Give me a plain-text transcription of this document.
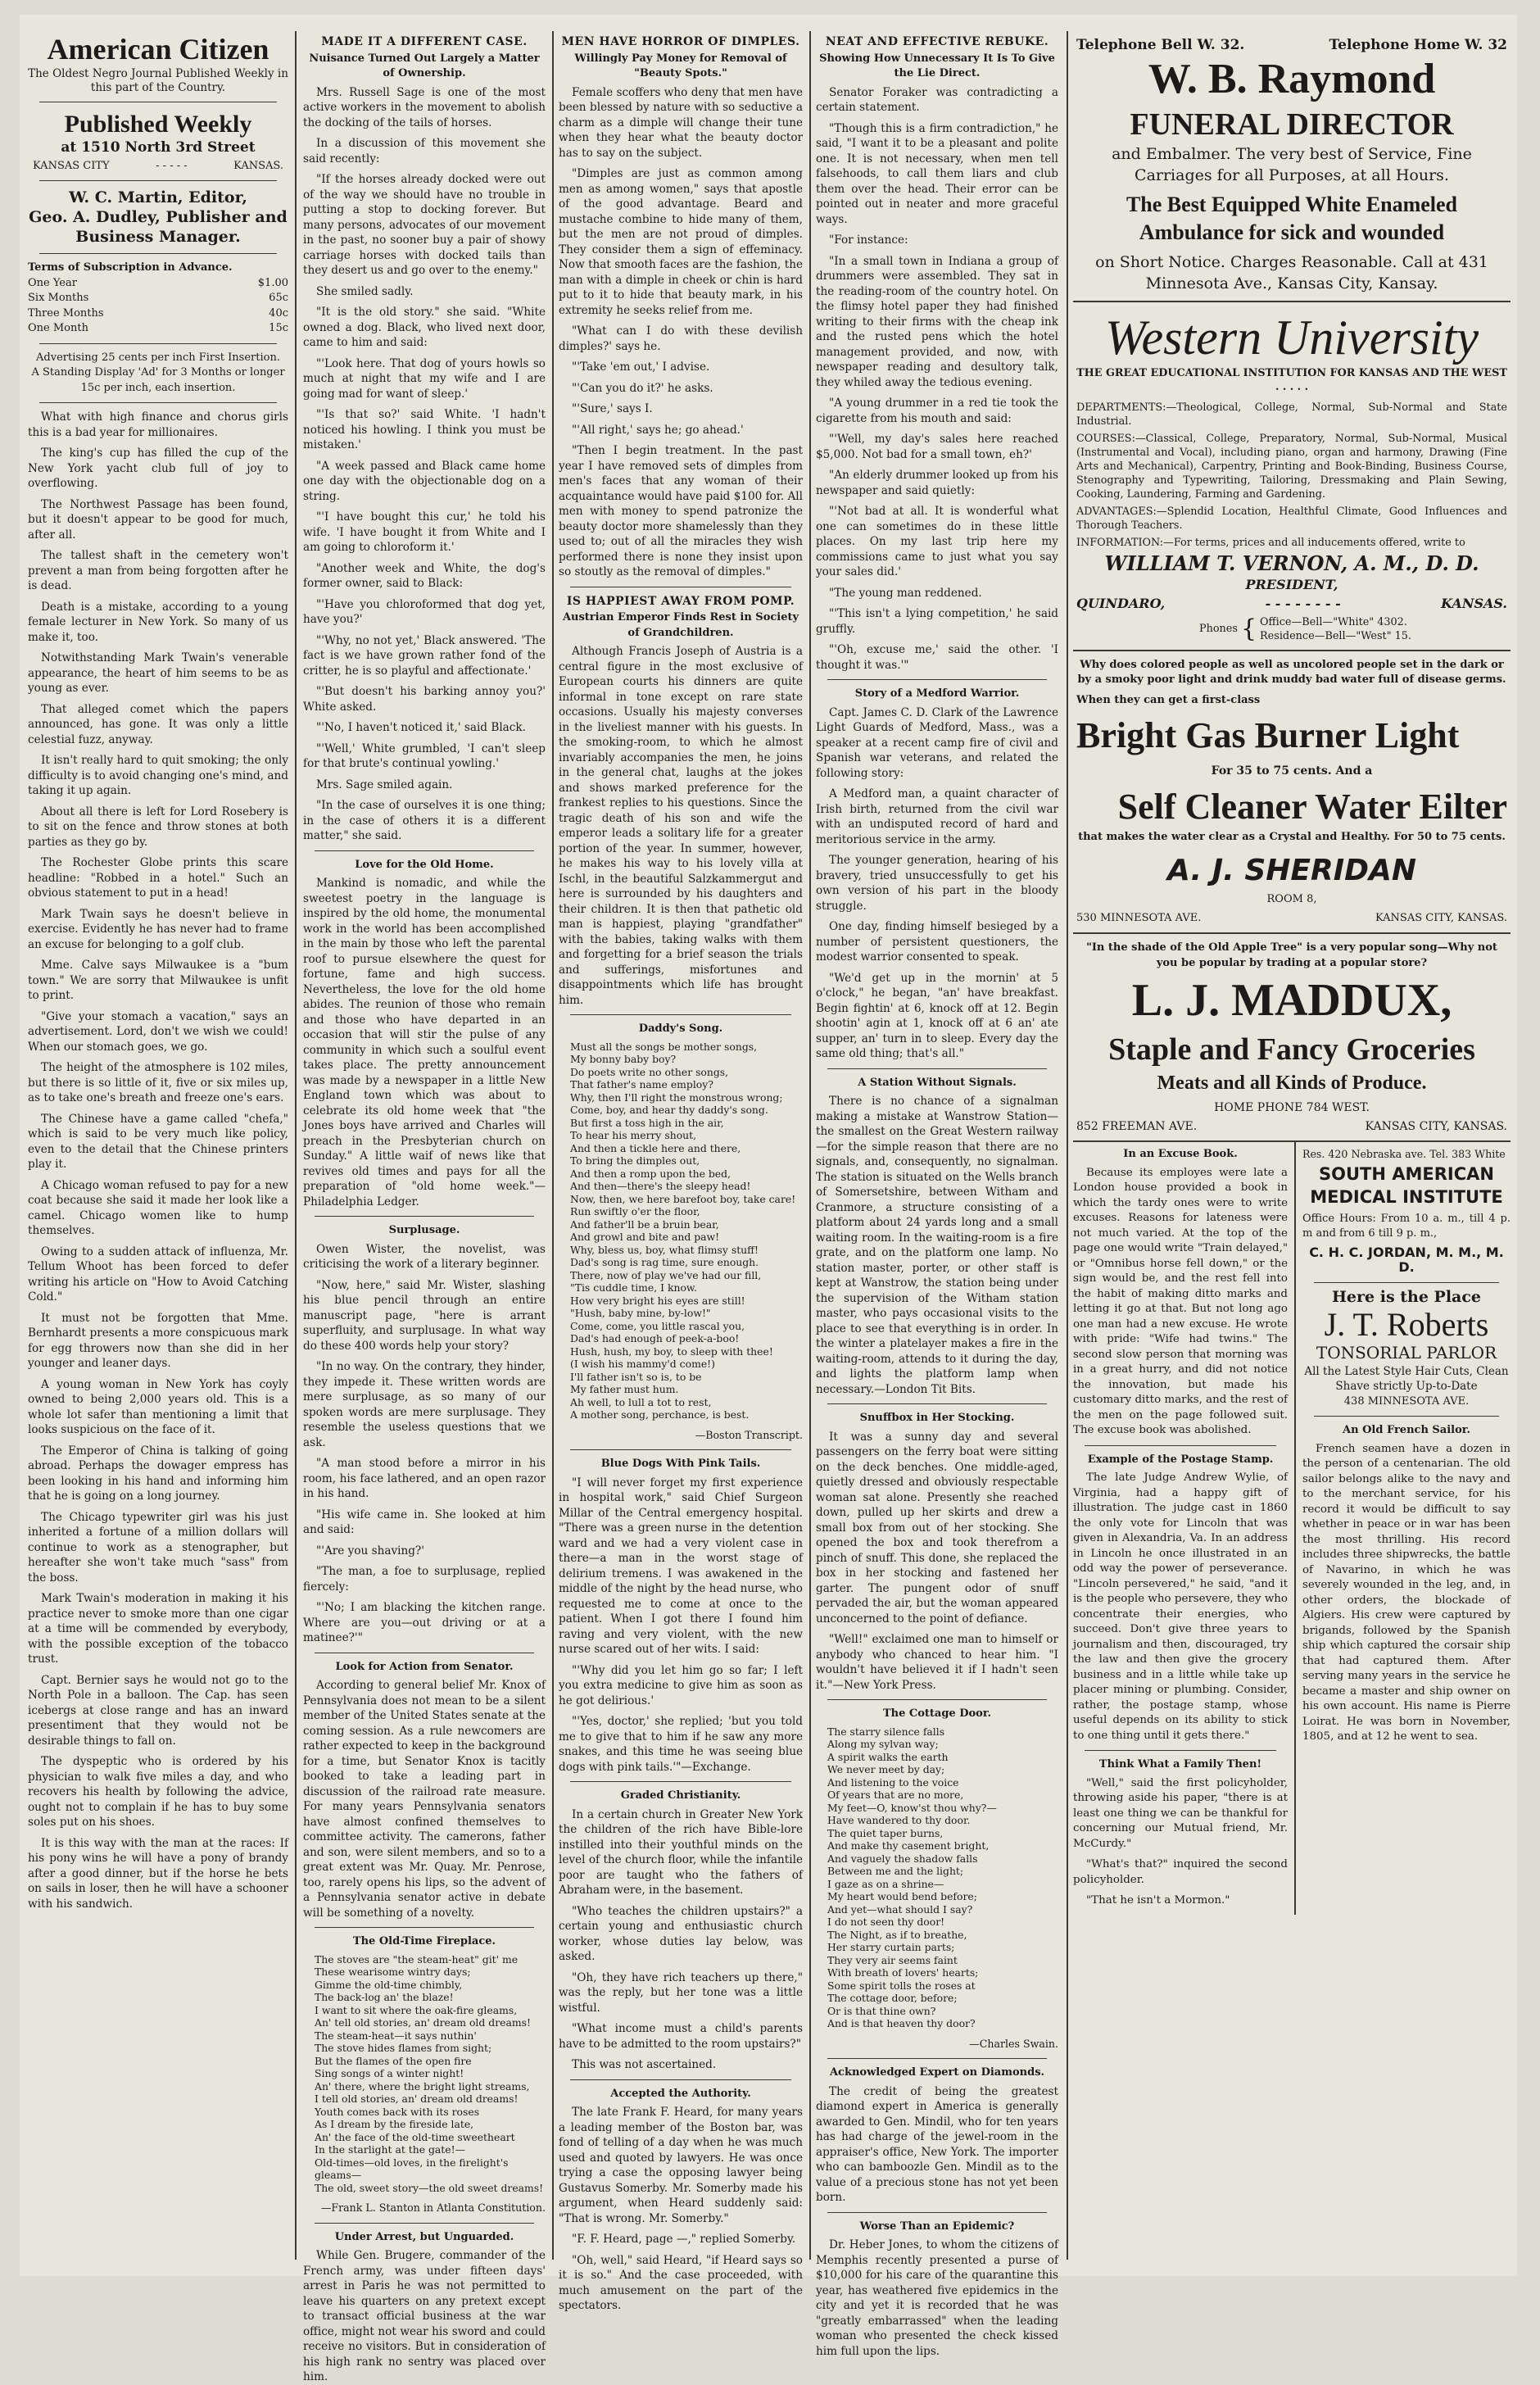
American Citizen
The Oldest Negro Journal Published Weekly in this part of the Country.
Published Weekly
at 1510 North 3rd Street
KANSAS CITY	- - - - -	KANSAS.
W. C. Martin, Editor,
Geo. A. Dudley, Publisher and Business Manager.
Terms of Subscription in Advance.
One Year	$1.00
Six Months	65c
Three Months	40c
One Month	15c
Advertising 25 cents per inch First Insertion.
A Standing Display 'Ad' for 3 Months or longer 15c per inch, each insertion.

What with high finance and chorus girls this is a bad year for millionaires.

The king's cup has filled the cup of the New York yacht club full of joy to overflowing.

The Northwest Passage has been found, but it doesn't appear to be good for much, after all.

The tallest shaft in the cemetery won't prevent a man from being forgotten after he is dead.

Death is a mistake, according to a young female lecturer in New York. So many of us make it, too.

Notwithstanding Mark Twain's venerable appearance, the heart of him seems to be as young as ever.

That alleged comet which the papers announced, has gone. It was only a little celestial fuzz, anyway.

It isn't really hard to quit smoking; the only difficulty is to avoid changing one's mind, and taking it up again.

About all there is left for Lord Rosebery is to sit on the fence and throw stones at both parties as they go by.

The Rochester Globe prints this scare headline: "Robbed in a hotel." Such an obvious statement to put in a head!

Mark Twain says he doesn't believe in exercise. Evidently he has never had to frame an excuse for belonging to a golf club.

Mme. Calve says Milwaukee is a "bum town." We are sorry that Milwaukee is unfit to print.

"Give your stomach a vacation," says an advertisement. Lord, don't we wish we could! When our stomach goes, we go.

The height of the atmosphere is 102 miles, but there is so little of it, five or six miles up, as to take one's breath and freeze one's ears.

The Chinese have a game called "chefa," which is said to be very much like policy, even to the detail that the Chinese printers play it.

A Chicago woman refused to pay for a new coat because she said it made her look like a camel. Chicago women like to hump themselves.

Owing to a sudden attack of influenza, Mr. Tellum Whoot has been forced to defer writing his article on "How to Avoid Catching Cold."

It must not be forgotten that Mme. Bernhardt presents a more conspicuous mark for egg throwers now than she did in her younger and leaner days.

A young woman in New York has coyly owned to being 2,000 years old. This is a whole lot safer than mentioning a limit that looks suspicious on the face of it.

The Emperor of China is talking of going abroad. Perhaps the dowager empress has been looking in his hand and informing him that he is going on a long journey.

The Chicago typewriter girl was his just inherited a fortune of a million dollars will continue to work as a stenographer, but hereafter she won't take much "sass" from the boss.

Mark Twain's moderation in making it his practice never to smoke more than one cigar at a time will be commended by everybody, with the possible exception of the tobacco trust.

Capt. Bernier says he would not go to the North Pole in a balloon. The Cap. has seen icebergs at close range and has an inward presentiment that they would not be desirable things to fall on.

The dyspeptic who is ordered by his physician to walk five miles a day, and who recovers his health by following the advice, ought not to complain if he has to buy some soles put on his shoes.

It is this way with the man at the races: If his pony wins he will have a pony of brandy after a good dinner, but if the horse he bets on sails in loser, then he will have a schooner with his sandwich.

MADE IT A DIFFERENT CASE.
Nuisance Turned Out Largely a Matter of Ownership.

Mrs. Russell Sage is one of the most active workers in the movement to abolish the docking of the tails of horses.

In a discussion of this movement she said recently:

"If the horses already docked were out of the way we should have no trouble in putting a stop to docking forever. But many persons, advocates of our movement in the past, no sooner buy a pair of showy carriage horses with docked tails than they desert us and go over to the enemy."

She smiled sadly.

"It is the old story." she said. "White owned a dog. Black, who lived next door, came to him and said:

"'Look here. That dog of yours howls so much at night that my wife and I are going mad for want of sleep.'

"'Is that so?' said White. 'I hadn't noticed his howling. I think you must be mistaken.'

"A week passed and Black came home one day with the objectionable dog on a string.

"'I have bought this cur,' he told his wife. 'I have bought it from White and I am going to chloroform it.'

"Another week and White, the dog's former owner, said to Black:

"'Have you chloroformed that dog yet, have you?'

"'Why, no not yet,' Black answered. 'The fact is we have grown rather fond of the critter, he is so playful and affectionate.'

"'But doesn't his barking annoy you?' White asked.

"'No, I haven't noticed it,' said Black.

"'Well,' White grumbled, 'I can't sleep for that brute's continual yowling.'

Mrs. Sage smiled again.

"In the case of ourselves it is one thing; in the case of others it is a different matter," she said.

Love for the Old Home.

Mankind is nomadic, and while the sweetest poetry in the language is inspired by the old home, the monumental work in the world has been accomplished in the main by those who left the parental roof to pursue elsewhere the quest for fortune, fame and high success. Nevertheless, the love for the old home abides. The reunion of those who remain and those who have departed in an occasion that will stir the pulse of any community in which such a soulful event takes place. The pretty announcement was made by a newspaper in a little New England town which was about to celebrate its old home week that "the Jones boys have arrived and Charles will preach in the Presbyterian church on Sunday." A little waif of news like that revives old times and pays for all the preparation of "old home week."—Philadelphia Ledger.

Surplusage.

Owen Wister, the novelist, was criticising the work of a literary beginner.

"Now, here," said Mr. Wister, slashing his blue pencil through an entire manuscript page, "here is arrant superfluity, and surplusage. In what way do these 400 words help your story?

"In no way. On the contrary, they hinder, they impede it. These written words are mere surplusage, as so many of our spoken words are mere surplusage. They resemble the useless questions that we ask.

"A man stood before a mirror in his room, his face lathered, and an open razor in his hand.

"His wife came in. She looked at him and said:

"'Are you shaving?'

"The man, a foe to surplusage, replied fiercely:

"'No; I am blacking the kitchen range. Where are you—out driving or at a matinee?'"

Look for Action from Senator.

According to general belief Mr. Knox of Pennsylvania does not mean to be a silent member of the United States senate at the coming session. As a rule newcomers are rather expected to keep in the background for a time, but Senator Knox is tacitly booked to take a leading part in discussion of the railroad rate measure. For many years Pennsylvania senators have almost confined themselves to committee activity. The camerons, father and son, were silent members, and so to a great extent was Mr. Quay. Mr. Penrose, too, rarely opens his lips, so the advent of a Pennsylvania senator active in debate will be something of a novelty.

The Old-Time Fireplace.
The stoves are "the steam-heat" git' me
These wearisome wintry days;
Gimme the old-time chimbly,
The back-log an' the blaze!
I want to sit where the oak-fire gleams,
An' tell old stories, an' dream old dreams!
The steam-heat—it says nuthin'
The stove hides flames from sight;
But the flames of the open fire
Sing songs of a winter night!
An' there, where the bright light streams,
I tell old stories, an' dream old dreams!
Youth comes back with its roses
As I dream by the fireside late,
An' the face of the old-time sweetheart
In the starlight at the gate!—
Old-times—old loves, in the firelight's gleams—
The old, sweet story—the old sweet dreams!
—Frank L. Stanton in Atlanta Constitution.
Under Arrest, but Unguarded.

While Gen. Brugere, commander of the French army, was under fifteen days' arrest in Paris he was not permitted to leave his quarters on any pretext except to transact official business at the war office, might not wear his sword and could receive no visitors. But in consideration of his high rank no sentry was placed over him.

MEN HAVE HORROR OF DIMPLES.
Willingly Pay Money for Removal of "Beauty Spots."

Female scoffers who deny that men have been blessed by nature with so seductive a charm as a dimple will change their tune when they hear what the beauty doctor has to say on the subject.

"Dimples are just as common among men as among women," says that apostle of the good advantage. Beard and mustache combine to hide many of them, but the men are not proud of dimples. They consider them a sign of effeminacy. Now that smooth faces are the fashion, the man with a dimple in cheek or chin is hard put to it to hide that beauty mark, in his extremity he seeks relief from me.

"What can I do with these devilish dimples?' says he.

"'Take 'em out,' I advise.

"'Can you do it?' he asks.

"'Sure,' says I.

"'All right,' says he; go ahead.'

"Then I begin treatment. In the past year I have removed sets of dimples from men's faces that any woman of their acquaintance would have paid $100 for. All men with money to spend patronize the beauty doctor more shamelessly than they used to; out of all the miracles they wish performed there is none they insist upon so stoutly as the removal of dimples."

IS HAPPIEST AWAY FROM POMP.
Austrian Emperor Finds Rest in Society of Grandchildren.

Although Francis Joseph of Austria is a central figure in the most exclusive of European courts his dinners are quite informal in tone except on rare state occasions. Usually his majesty converses in the liveliest manner with his guests. In the smoking-room, to which he almost invariably accompanies the men, he joins in the general chat, laughs at the jokes and shows marked preference for the frankest replies to his questions. Since the tragic death of his son and wife the emperor leads a solitary life for a greater portion of the year. In summer, however, he makes his way to his lovely villa at Ischl, in the beautiful Salzkammergut and here is surrounded by his daughters and their children. It is then that pathetic old man is happiest, playing "grandfather" with the babies, taking walks with them and forgetting for a brief season the trials and sufferings, misfortunes and disappointments which life has brought him.

Daddy's Song.
Must all the songs be mother songs,
My bonny baby boy?
Do poets write no other songs,
That father's name employ?
Why, then I'll right the monstrous wrong;
Come, boy, and hear thy daddy's song.
But first a toss high in the air,
To hear his merry shout,
And then a tickle here and there,
To bring the dimples out,
And then a romp upon the bed,
And then—there's the sleepy head!
Now, then, we here barefoot boy, take care!
Run swiftly o'er the floor,
And father'll be a bruin bear,
And growl and bite and paw!
Why, bless us, boy, what flimsy stuff!
Dad's song is rag time, sure enough.
There, now of play we've had our fill,
"Tis cuddle time, I know.
How very bright his eyes are still!
"Hush, baby mine, by-low!"
Come, come, you little rascal you,
Dad's had enough of peek-a-boo!
Hush, hush, my boy, to sleep with thee!
(I wish his mammy'd come!)
I'll father isn't so is, to be
My father must hum.
Ah well, to lull a tot to rest,
A mother song, perchance, is best.
—Boston Transcript.
Blue Dogs With Pink Tails.

"I will never forget my first experience in hospital work," said Chief Surgeon Millar of the Central emergency hospital. "There was a green nurse in the detention ward and we had a very violent case in there—a man in the worst stage of delirium tremens. I was awakened in the middle of the night by the head nurse, who requested me to come at once to the patient. When I got there I found him raving and very violent, with the new nurse scared out of her wits. I said:

"'Why did you let him go so far; I left you extra medicine to give him as soon as he got delirious.'

"'Yes, doctor,' she replied; 'but you told me to give that to him if he saw any more snakes, and this time he was seeing blue dogs with pink tails.'"—Exchange.

Graded Christianity.

In a certain church in Greater New York the children of the rich have Bible-lore instilled into their youthful minds on the level of the church floor, while the infantile poor are taught who the fathers of Abraham were, in the basement.

"Who teaches the children upstairs?" a certain young and enthusiastic church worker, whose duties lay below, was asked.

"Oh, they have rich teachers up there," was the reply, but her tone was a little wistful.

"What income must a child's parents have to be admitted to the room upstairs?"

This was not ascertained.

Accepted the Authority.

The late Frank F. Heard, for many years a leading member of the Boston bar, was fond of telling of a day when he was much used and quoted by lawyers. He was once trying a case the opposing lawyer being Gustavus Somerby. Mr. Somerby made his argument, when Heard suddenly said: "That is wrong. Mr. Somerby."

"F. F. Heard, page —," replied Somerby.

"Oh, well," said Heard, "if Heard says so it is so." And the case proceeded, with much amusement on the part of the spectators.

NEAT AND EFFECTIVE REBUKE.
Showing How Unnecessary It Is To Give the Lie Direct.

Senator Foraker was contradicting a certain statement.

"Though this is a firm contradiction," he said, "I want it to be a pleasant and polite one. It is not necessary, when men tell falsehoods, to call them liars and club them over the head. Their error can be pointed out in neater and more graceful ways.

"For instance:

"In a small town in Indiana a group of drummers were assembled. They sat in the reading-room of the country hotel. On the flimsy hotel paper they had finished writing to their firms with the cheap ink and the rusted pens which the hotel management provided, and now, with newspaper reading and desultory talk, they whiled away the tedious evening.

"A young drummer in a red tie took the cigarette from his mouth and said:

"'Well, my day's sales here reached $5,000. Not bad for a small town, eh?'

"An elderly drummer looked up from his newspaper and said quietly:

"'Not bad at all. It is wonderful what one can sometimes do in these little places. On my last trip here my commissions came to just what you say your sales did.'

"The young man reddened.

"'This isn't a lying competition,' he said gruffly.

"'Oh, excuse me,' said the other. 'I thought it was.'"

Story of a Medford Warrior.

Capt. James C. D. Clark of the Lawrence Light Guards of Medford, Mass., was a speaker at a recent camp fire of civil and Spanish war veterans, and related the following story:

A Medford man, a quaint character of Irish birth, returned from the civil war with an undisputed record of hard and meritorious service in the army.

The younger generation, hearing of his bravery, tried unsuccessfully to get his own version of his part in the bloody struggle.

One day, finding himself besieged by a number of persistent questioners, the modest warrior consented to speak.

"We'd get up in the mornin' at 5 o'clock," he began, "an' have breakfast. Begin fightin' at 6, knock off at 12. Begin shootin' agin at 1, knock off at 6 an' ate supper, an' turn in to sleep. Every day the same old thing; that's all."

A Station Without Signals.

There is no chance of a signalman making a mistake at Wanstrow Station—the smallest on the Great Western railway—for the simple reason that there are no signals, and, consequently, no signalman. The station is situated on the Wells branch of Somersetshire, between Witham and Cranmore, a structure consisting of a platform about 24 yards long and a small waiting room. In the waiting-room is a fire grate, and on the platform one lamp. No station master, porter, or other staff is kept at Wanstrow, the station being under the supervision of the Witham station master, who pays occasional visits to the place to see that everything is in order. In the winter a platelayer makes a fire in the waiting-room, attends to it during the day, and lights the platform lamp when necessary.—London Tit Bits.

Snuffbox in Her Stocking.

It was a sunny day and several passengers on the ferry boat were sitting on the deck benches. One middle-aged, quietly dressed and obviously respectable woman sat alone. Presently she reached down, pulled up her skirts and drew a small box from out of her stocking. She opened the box and took therefrom a pinch of snuff. This done, she replaced the box in her stocking and fastened her garter. The pungent odor of snuff pervaded the air, but the woman appeared unconcerned to the point of defiance.

"Well!" exclaimed one man to himself or anybody who chanced to hear him. "I wouldn't have believed it if I hadn't seen it."—New York Press.

The Cottage Door.
The starry silence falls
Along my sylvan way;
A spirit walks the earth
We never meet by day;
And listening to the voice
Of years that are no more,
My feet—O, know'st thou why?—
Have wandered to thy door.
The quiet taper burns,
And make thy casement bright,
And vaguely the shadow falls
Between me and the light;
I gaze as on a shrine—
My heart would bend before;
And yet—what should I say?
I do not seen thy door!
The Night, as if to breathe,
Her starry curtain parts;
They very air seems faint
With breath of lovers' hearts;
Some spirit tolls the roses at
The cottage door, before;
Or is that thine own?
And is that heaven thy door?
—Charles Swain.
Acknowledged Expert on Diamonds.

The credit of being the greatest diamond expert in America is generally awarded to Gen. Mindil, who for ten years has had charge of the jewel-room in the appraiser's office, New York. The importer who can bamboozle Gen. Mindil as to the value of a precious stone has not yet been born.

Worse Than an Epidemic?

Dr. Heber Jones, to whom the citizens of Memphis recently presented a purse of $10,000 for his care of the quarantine this year, has weathered five epidemics in the city and yet it is recorded that he was "greatly embarrassed" when the leading woman who presented the check kissed him full upon the lips.

Telephone Bell W. 32.	Telephone Home W. 32
W. B. Raymond
FUNERAL DIRECTOR
and Embalmer. The very best of Service, Fine Carriages for all Purposes, at all Hours.
The Best Equipped White Enameled Ambulance for sick and wounded
on Short Notice. Charges Reasonable. Call at 431 Minnesota Ave., Kansas City, Kansay.
Western University
THE GREAT EDUCATIONAL INSTITUTION FOR KANSAS AND THE WEST . . . . .
DEPARTMENTS:—Theological, College, Normal, Sub-Normal and State Industrial.
COURSES:—Classical, College, Preparatory, Normal, Sub-Normal, Musical (Instrumental and Vocal), including piano, organ and harmony, Drawing (Fine Arts and Mechanical), Carpentry, Printing and Book-Binding, Business Course, Stenography and Typewriting, Tailoring, Dressmaking and Plain Sewing, Cooking, Laundering, Farming and Gardening.
ADVANTAGES:—Splendid Location, Healthful Climate, Good Influences and Thorough Teachers.
INFORMATION:—For terms, prices and all inducements offered, write to
WILLIAM T. VERNON, A. M., D. D.
PRESIDENT,
QUINDARO,	- - - - - - - -	KANSAS.
Phones { Office—Bell—"White" 4302.
Residence—Bell—"West" 15.
Why does colored people as well as uncolored people set in the dark or by a smoky poor light and drink muddy bad water full of disease germs.
When they can get a first-class
Bright Gas Burner Light
For 35 to 75 cents. And a
Self Cleaner Water Eilter
that makes the water clear as a Crystal and Healthy. For 50 to 75 cents.
A. J. SHERIDAN
ROOM 8,
530 MINNESOTA AVE.	KANSAS CITY, KANSAS.
"In the shade of the Old Apple Tree" is a very popular song—Why not you be popular by trading at a popular store?
L. J. MADDUX,
Staple and Fancy Groceries
Meats and all Kinds of Produce.
HOME PHONE 784 WEST.
852 FREEMAN AVE.	KANSAS CITY, KANSAS.
In an Excuse Book.

Because its employes were late a London house provided a book in which the tardy ones were to write excuses. Reasons for lateness were not much varied. At the top of the page one would write "Train delayed," or "Omnibus horse fell down," or the sign would be, and the rest fell into the habit of making ditto marks and letting it go at that. But not long ago one man had a new excuse. He wrote with pride: "Wife had twins." The second slow person that morning was in a great hurry, and did not notice the innovation, but made his customary ditto marks, and the rest of the men on the page followed suit. The excuse book was abolished.

Example of the Postage Stamp.

The late Judge Andrew Wylie, of Virginia, had a happy gift of illustration. The judge cast in 1860 the only vote for Lincoln that was given in Alexandria, Va. In an address in Lincoln he once illustrated in an odd way the power of perseverance. "Lincoln persevered," he said, "and it is the people who persevere, they who concentrate their energies, who succeed. Don't give three years to journalism and then, discouraged, try the law and then give the grocery business and in a little while take up placer mining or plumbing. Consider, rather, the postage stamp, whose useful depends on its ability to stick to one thing until it gets there."

Think What a Family Then!

"Well," said the first policyholder, throwing aside his paper, "there is at least one thing we can be thankful for concerning our Mutual friend, Mr. McCurdy."

"What's that?" inquired the second policyholder.

"That he isn't a Mormon."

Res. 420 Nebraska ave. Tel. 383 White
SOUTH AMERICAN
MEDICAL INSTITUTE
Office Hours: From 10 a. m., till 4 p. m and from 6 till 9 p. m.,
C. H. C. JORDAN, M. M., M. D.
Here is the Place
J. T. Roberts
TONSORIAL PARLOR
All the Latest Style Hair Cuts, Clean Shave strictly Up-to-Date
438 MINNESOTA AVE.
An Old French Sailor.

French seamen have a dozen in the person of a centenarian. The old sailor belongs alike to the navy and to the merchant service, for his record it would be difficult to say whether in peace or in war has been the most thrilling. His record includes three shipwrecks, the battle of Navarino, in which he was severely wounded in the leg, and, in other orders, the blockade of Algiers. His crew were captured by brigands, followed by the Spanish ship which captured the corsair ship that had captured them. After serving many years in the service he became a master and ship owner on his own account. His name is Pierre Loirat. He was born in November, 1805, and at 12 he went to sea.
